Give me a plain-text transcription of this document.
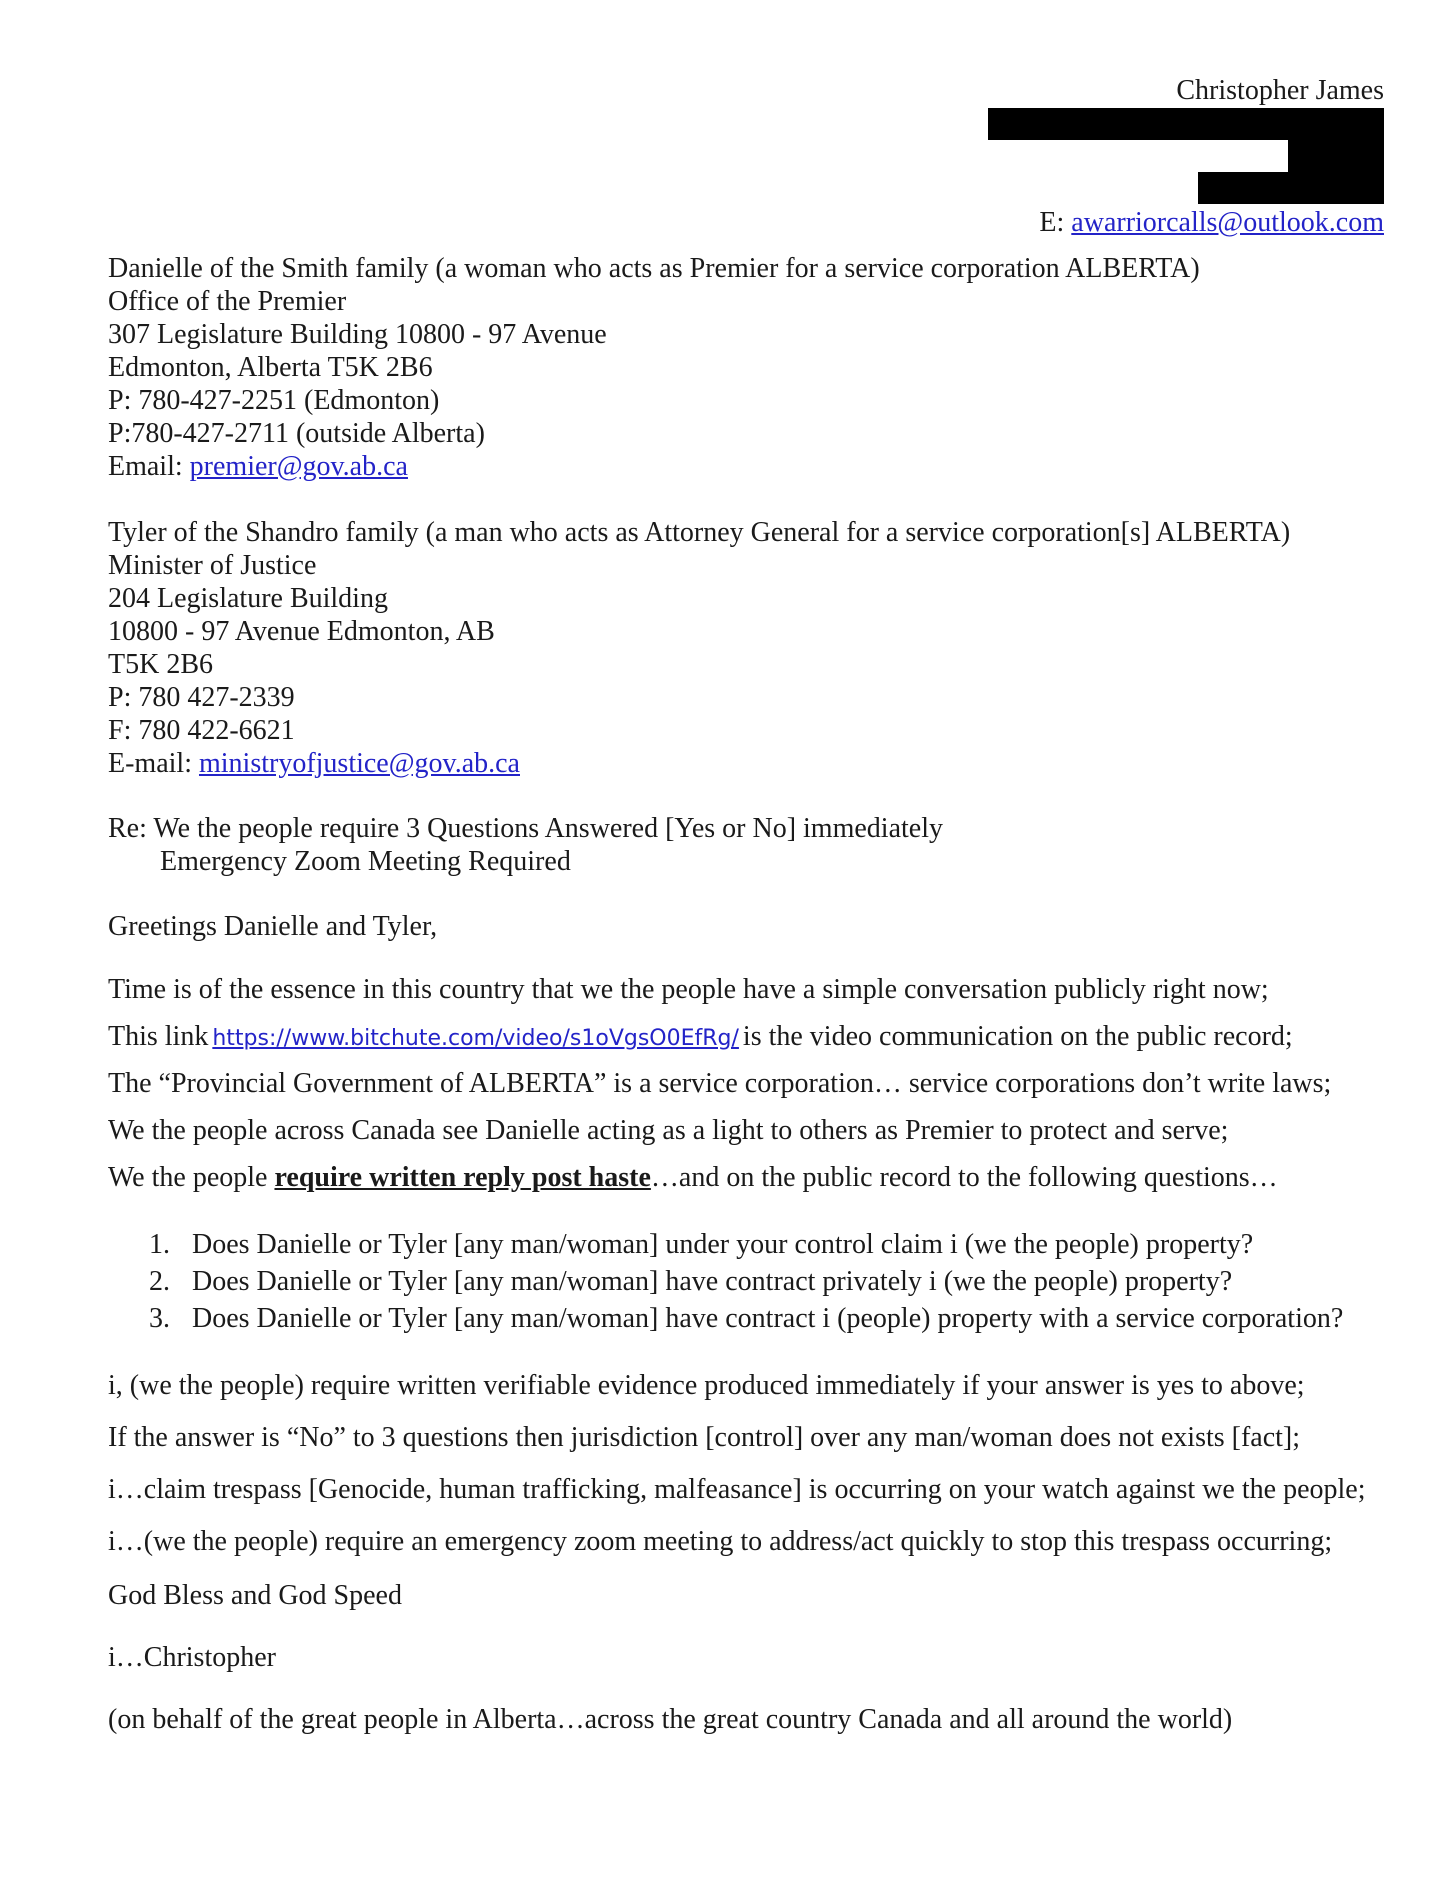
Christopher James
E: awarriorcalls@outlook.com
Danielle of the Smith family (a woman who acts as Premier for a service corporation ALBERTA)
Office of the Premier
307 Legislature Building 10800 - 97 Avenue
Edmonton, Alberta T5K 2B6
P: 780-427-2251 (Edmonton)
P:780-427-2711 (outside Alberta)
Email: premier@gov.ab.ca
Tyler of the Shandro family (a man who acts as Attorney General for a service corporation[s] ALBERTA)
Minister of Justice
204 Legislature Building
10800 - 97 Avenue Edmonton, AB
T5K 2B6
P: 780 427-2339
F: 780 422-6621
E-mail: ministryofjustice@gov.ab.ca
Re: We the people require 3 Questions Answered [Yes or No] immediately
Emergency Zoom Meeting Required
Greetings Danielle and Tyler,
Time is of the essence in this country that we the people have a simple conversation publicly right now;
This link https://www.bitchute.com/video/s1oVgsO0EfRg/ is the video communication on the public record;
The “Provincial Government of ALBERTA” is a service corporation… service corporations don’t write laws;
We the people across Canada see Danielle acting as a light to others as Premier to protect and serve;
We the people require written reply post haste…and on the public record to the following questions…
1. Does Danielle or Tyler [any man/woman] under your control claim i (we the people) property?
2. Does Danielle or Tyler [any man/woman] have contract privately i (we the people) property?
3. Does Danielle or Tyler [any man/woman] have contract i (people) property with a service corporation?
i, (we the people) require written verifiable evidence produced immediately if your answer is yes to above;
If the answer is “No” to 3 questions then jurisdiction [control] over any man/woman does not exists [fact];
i…claim trespass [Genocide, human trafficking, malfeasance] is occurring on your watch against we the people;
i…(we the people) require an emergency zoom meeting to address/act quickly to stop this trespass occurring;
God Bless and God Speed
i…Christopher
(on behalf of the great people in Alberta…across the great country Canada and all around the world)
